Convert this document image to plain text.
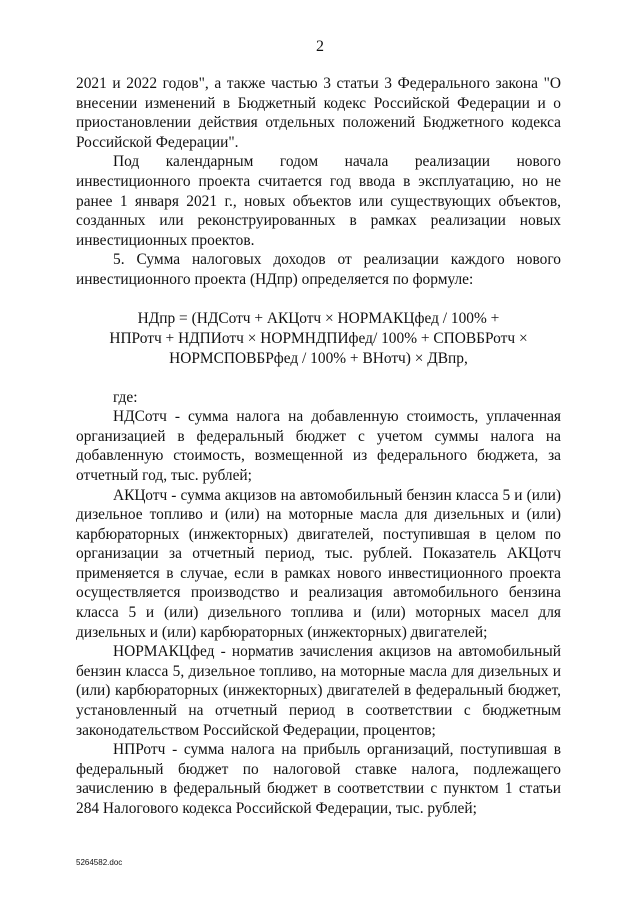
2

2021 и 2022 годов", а также частью 3 статьи 3 Федерального закона "О внесении изменений в Бюджетный кодекс Российской Федерации и о приостановлении действия отдельных положений Бюджетного кодекса Российской Федерации".

Под календарным годом начала реализации нового инвестиционного проекта считается год ввода в эксплуатацию, но не ранее 1 января 2021 г., новых объектов или существующих объектов, созданных или реконструированных в рамках реализации новых инвестиционных проектов.

5. Сумма налоговых доходов от реализации каждого нового инвестиционного проекта (НДпр) определяется по формуле:

НДпр = (НДСотч + АКЦотч × НОРМАКЦфед / 100% +
НПРотч + НДПИотч × НОРМНДПИфед/ 100% + СПОВБРотч ×
НОРМСПОВБРфед / 100% + ВНотч) × ДВпр,

где:

НДСотч - сумма налога на добавленную стоимость, уплаченная организацией в федеральный бюджет с учетом суммы налога на добавленную стоимость, возмещенной из федерального бюджета, за отчетный год, тыс. рублей;

АКЦотч - сумма акцизов на автомобильный бензин класса 5 и (или) дизельное топливо и (или) на моторные масла для дизельных и (или) карбюраторных (инжекторных) двигателей, поступившая в целом по организации за отчетный период, тыс. рублей. Показатель АКЦотч применяется в случае, если в рамках нового инвестиционного проекта осуществляется производство и реализация автомобильного бензина класса 5 и (или) дизельного топлива и (или) моторных масел для дизельных и (или) карбюраторных (инжекторных) двигателей;

НОРМАКЦфед - норматив зачисления акцизов на автомобильный бензин класса 5, дизельное топливо, на моторные масла для дизельных и (или) карбюраторных (инжекторных) двигателей в федеральный бюджет, установленный на отчетный период в соответствии с бюджетным законодательством Российской Федерации, процентов;

НПРотч - сумма налога на прибыль организаций, поступившая в федеральный бюджет по налоговой ставке налога, подлежащего зачислению в федеральный бюджет в соответствии с пунктом 1 статьи 284 Налогового кодекса Российской Федерации, тыс. рублей;

5264582.doc
